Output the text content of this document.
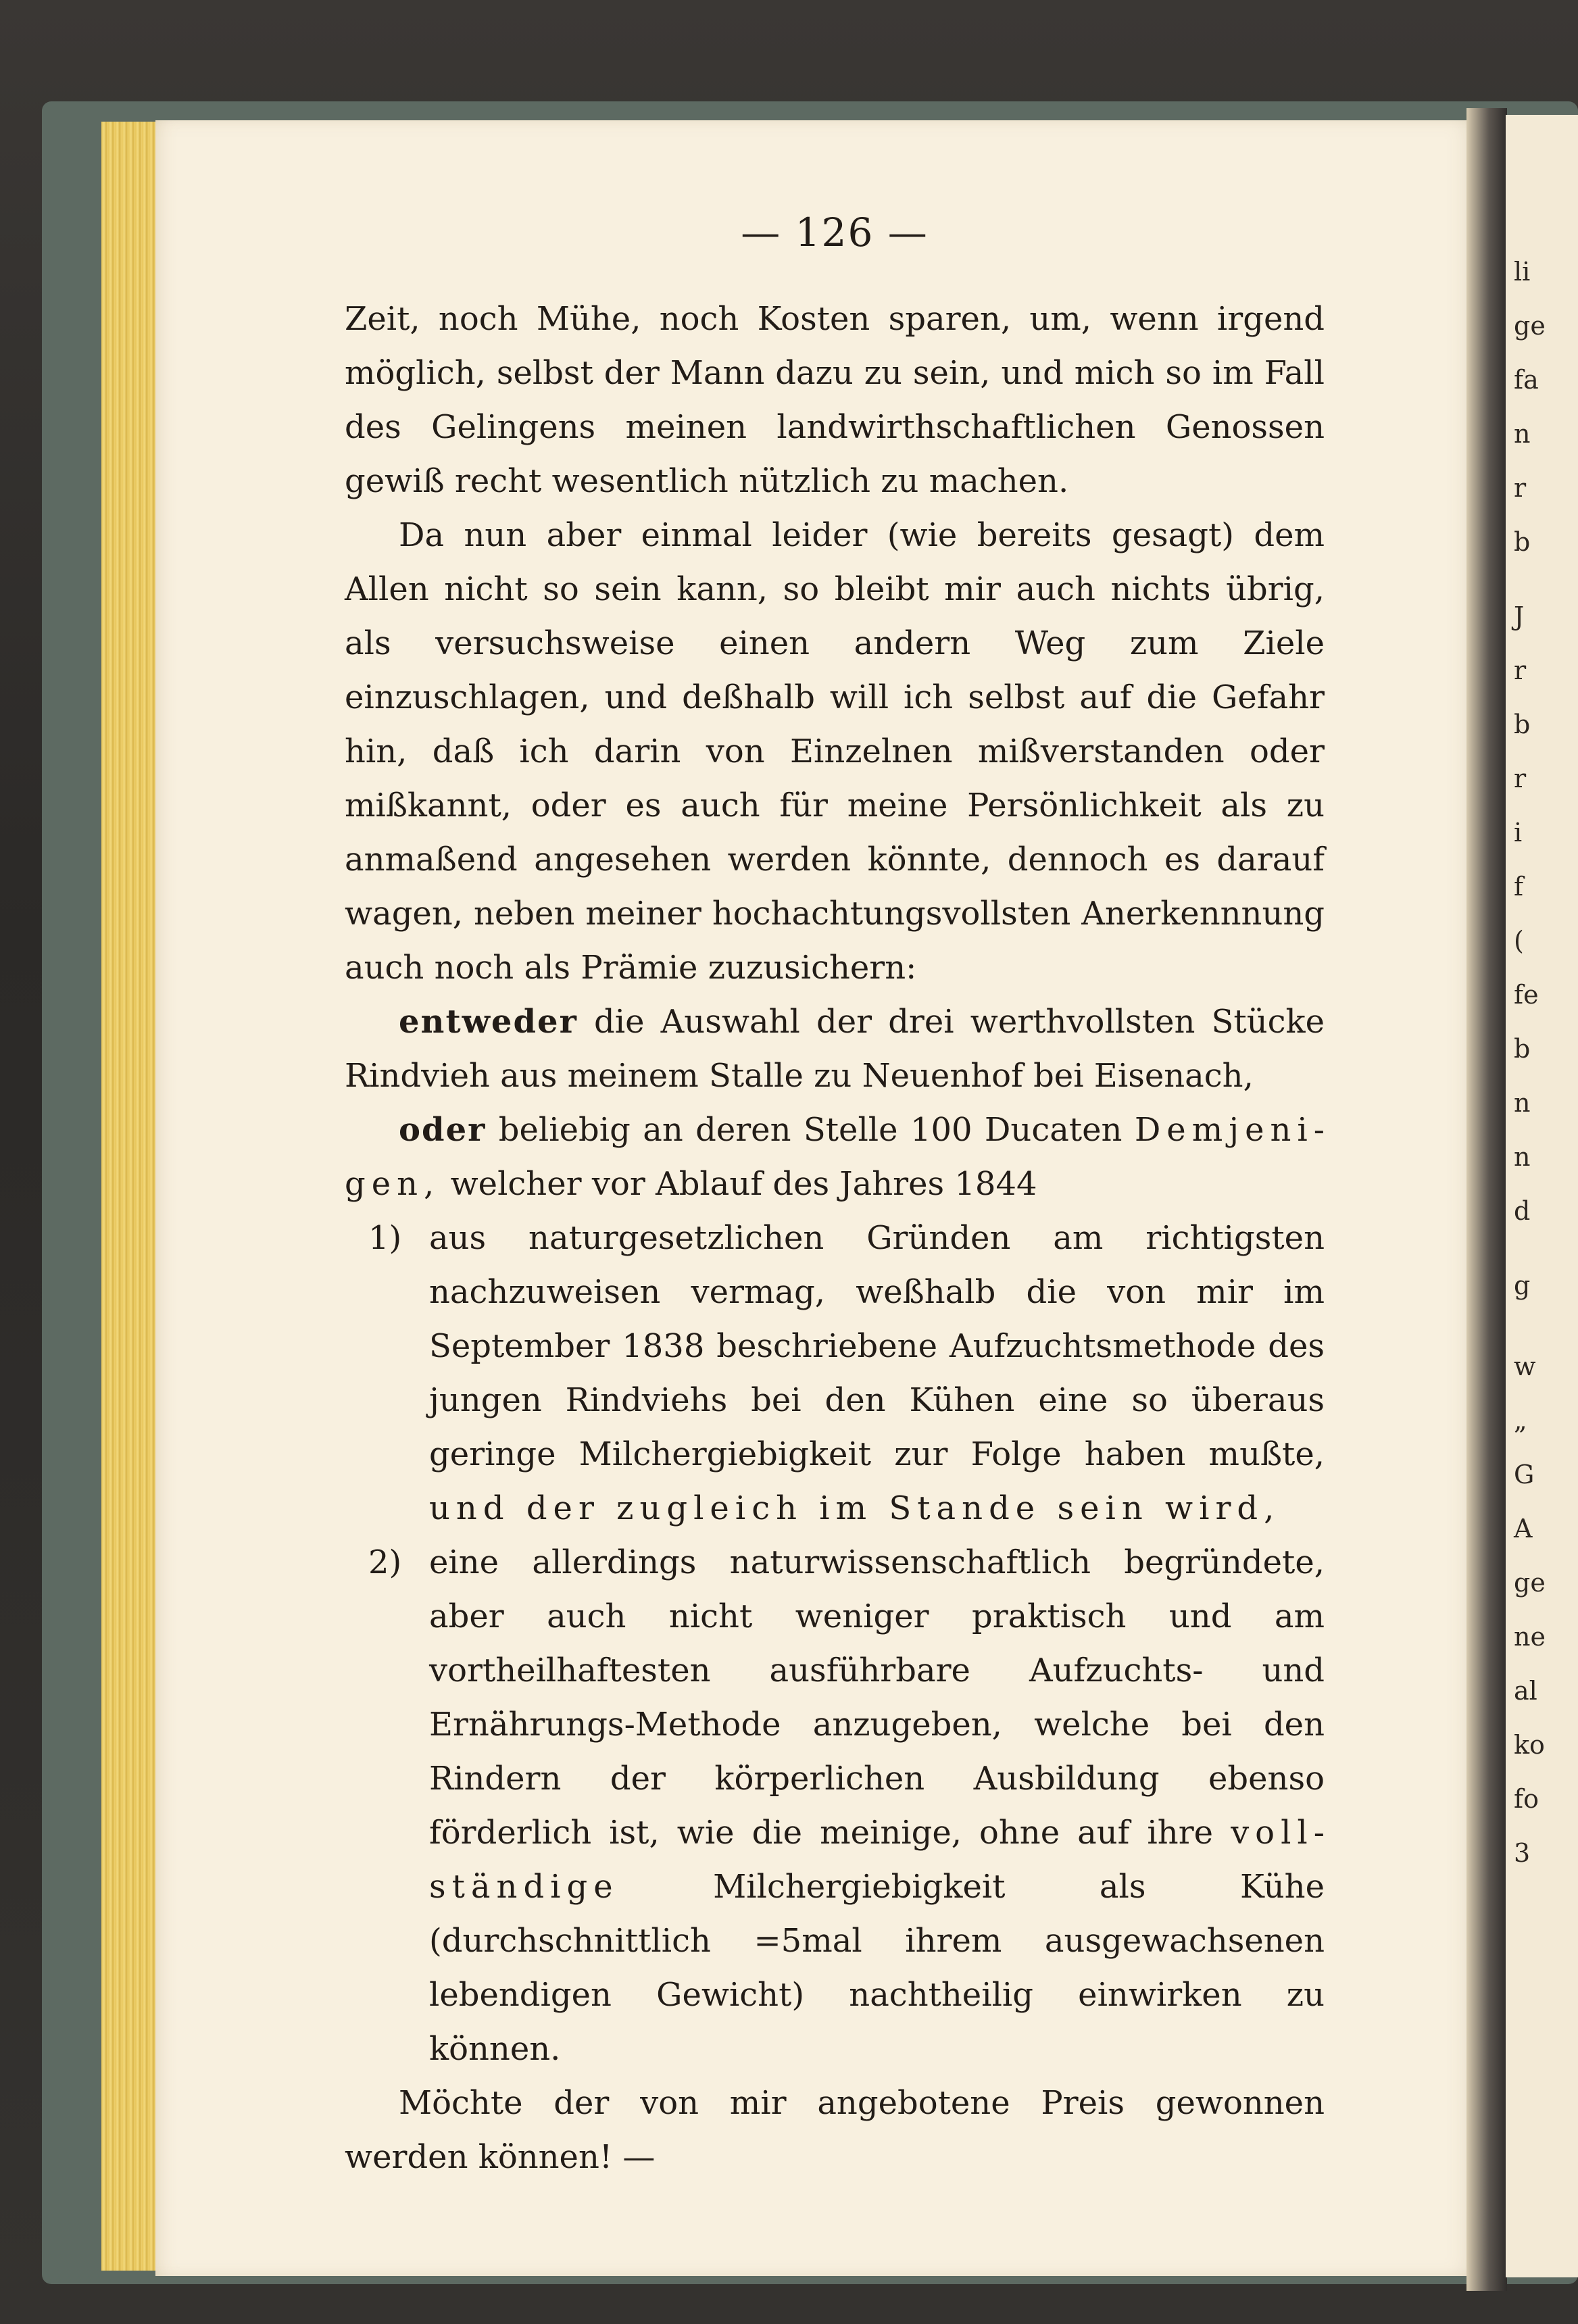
li
ge
fa
n
r
b
J
r
b
r
i
f
(
fe
b
n
n
d
g
w
„
G
A
ge
ne
al
ko
fo
3
— 126 —

Zeit, noch Mühe, noch Kosten sparen, um, wenn irgend möglich, selbst der Mann dazu zu sein, und mich so im Fall des Gelingens meinen landwirthschaftlichen Genossen gewiß recht wesentlich nützlich zu machen.

Da nun aber einmal leider (wie bereits gesagt) dem Allen nicht so sein kann, so bleibt mir auch nichts übrig, als versuchsweise einen andern Weg zum Ziele einzuschlagen, und deßhalb will ich selbst auf die Gefahr hin, daß ich darin von Einzelnen mißverstanden oder mißkannt, oder es auch für meine Persönlichkeit als zu anmaßend angesehen werden könnte, dennoch es darauf wagen, neben meiner hochachtungsvollsten Anerkennnung auch noch als Prämie zuzusichern:

entweder die Auswahl der drei werthvollsten Stücke Rindvieh aus meinem Stalle zu Neuenhof bei Eisenach,

oder beliebig an deren Stelle 100 Ducaten Demjenigen, welcher vor Ablauf des Jahres 1844

1) aus naturgesetzlichen Gründen am richtigsten nachzuweisen vermag, weßhalb die von mir im September 1838 beschriebene Aufzuchtsmethode des jungen Rindviehs bei den Kühen eine so überaus geringe Milchergiebigkeit zur Folge haben mußte, und der zugleich im Stande sein wird,

2) eine allerdings naturwissenschaftlich begründete, aber auch nicht weniger praktisch und am vortheilhaftesten ausführbare Aufzuchts- und Ernährungs-Methode anzugeben, welche bei den Rindern der körperlichen Ausbildung ebenso förderlich ist, wie die meinige, ohne auf ihre vollständige Milchergiebigkeit als Kühe (durchschnittlich =5mal ihrem ausgewachsenen lebendigen Gewicht) nachtheilig einwirken zu können.

Möchte der von mir angebotene Preis gewonnen werden können! —
